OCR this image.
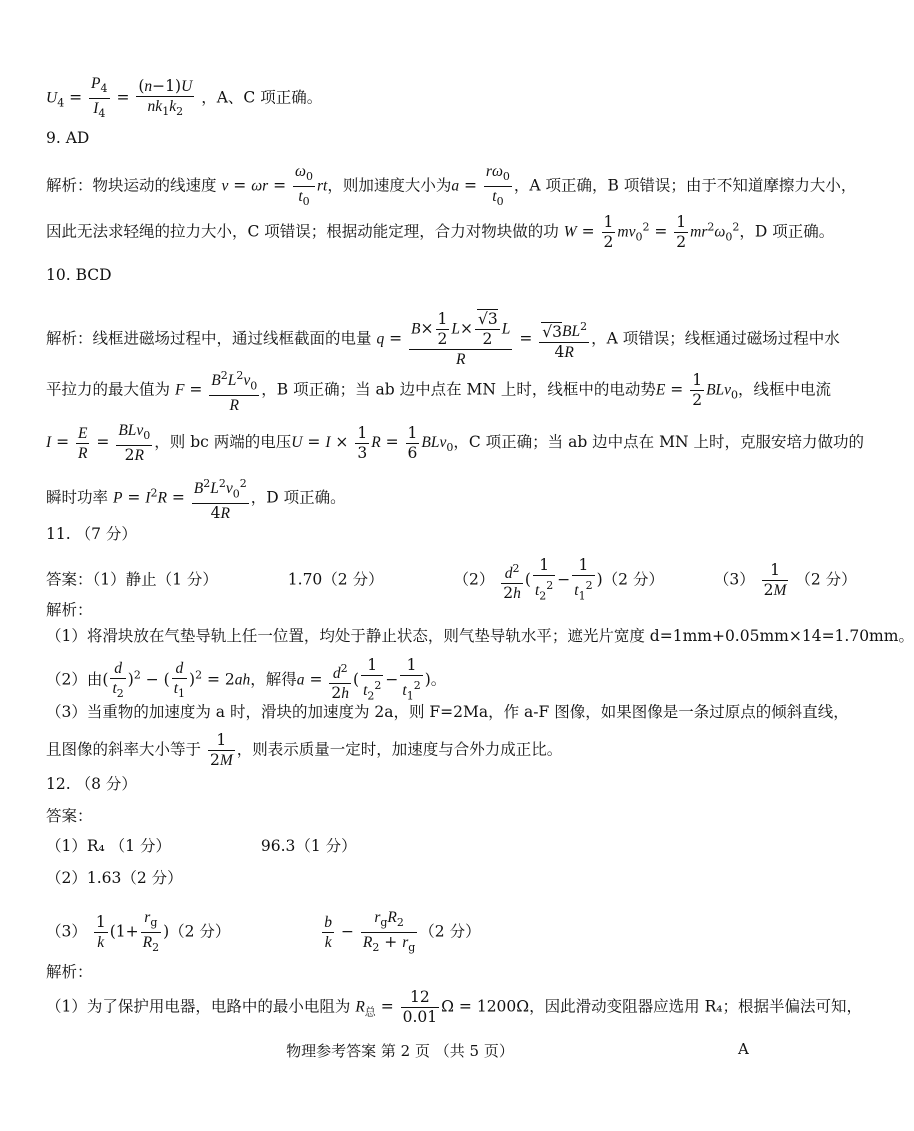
$U_4 = \frac{P_4}{I_4} = \frac{(n-1)U}{nk_1k_2}$ ，A、C 项正确。
9. AD
解析：物块运动的线速度 $v = \omega r = \frac{\omega_0}{t_0}$ rt，则加速度大小为$a = \frac{r\omega_0}{t_0}$ ，A 项正确，B 项错误；由于不知道摩擦力大小，
因此无法求轻绳的拉力大小，C 项错误；根据动能定理，合力对物块做的功 $W = \frac{1}{2} mv_0^2 = \frac{1}{2} mr^2\omega_0^2$，D 项正确。
10. BCD
解析：线框进磁场过程中，通过线框截面的电量 $q = \frac{B\times \frac{1}{2} L\times \frac{√3}{2} L}{R} = \frac{√3BL^2}{4R}$ ，A 项错误；线框通过磁场过程中水
平拉力的最大值为 $F = \frac{B^2L^2v_0}{R}$ ，B 项正确；当 ab 边中点在 MN 上时，线框中的电动势$E = \frac{1}{2} BLv_0$，线框中电流
$I = \frac{E}{R} = \frac{BLv_0}{2R}$ ，则 bc 两端的电压$U = I \times \frac{1}{3}$ $R = \frac{1}{6} BLv_0$，C 项正确；当 ab 边中点在 MN 上时，克服安培力做功的
瞬时功率 $P = I^2R = \frac{B^2L^2v_0^2}{4R}$ ，D 项正确。
11. （7 分）
答案：（1）静止（1 分）	1.70（2 分）	$(2) \frac{d^2}{2h}$ ( $\frac{1}{t_2^2} - \frac{1}{t_1^2} )(2$ 分）	$(3) \frac{1}{2M} (2$ 分）
解析：
（1）将滑块放在气垫导轨上任一位置，均处于静止状态，则气垫导轨水平；遮光片宽度 d=1mm+0.05mm×14=1.70mm。
（2）由( $\frac{d}{t_2} )^2$ − ( $\frac{d}{t_1} )^2 = 2ah$，解得$a = \frac{d^2}{2h}$ ( $\frac{1}{t_2^2} - \frac{1}{t_1^2}$ )。
（3）当重物的加速度为 a 时，滑块的加速度为 2a，则 F=2Ma，作 a-F 图像，如果图像是一条过原点的倾斜直线，
且图像的斜率大小等于 $\frac{1}{2M}$ ，则表示质量一定时，加速度与合外力成正比。
12. （8 分）
答案：
（1）R₄ （1 分）	96.3（1 分）
（2）1.63（2 分）
$(3) \frac{1}{k} (1+ \frac{r_g}{R_2} )(2$ 分）	$\frac{b}{k} - \frac{r_gR_2}{R_2 + r_g} (2$ 分）
解析：
（1）为了保护用电器，电路中的最小电阻为 $R_总 = \frac{12}{0.01}$ Ω = 1200Ω，因此滑动变阻器应选用 R₄；根据半偏法可知，
物理参考答案 第 2 页 （共 5 页）	A
